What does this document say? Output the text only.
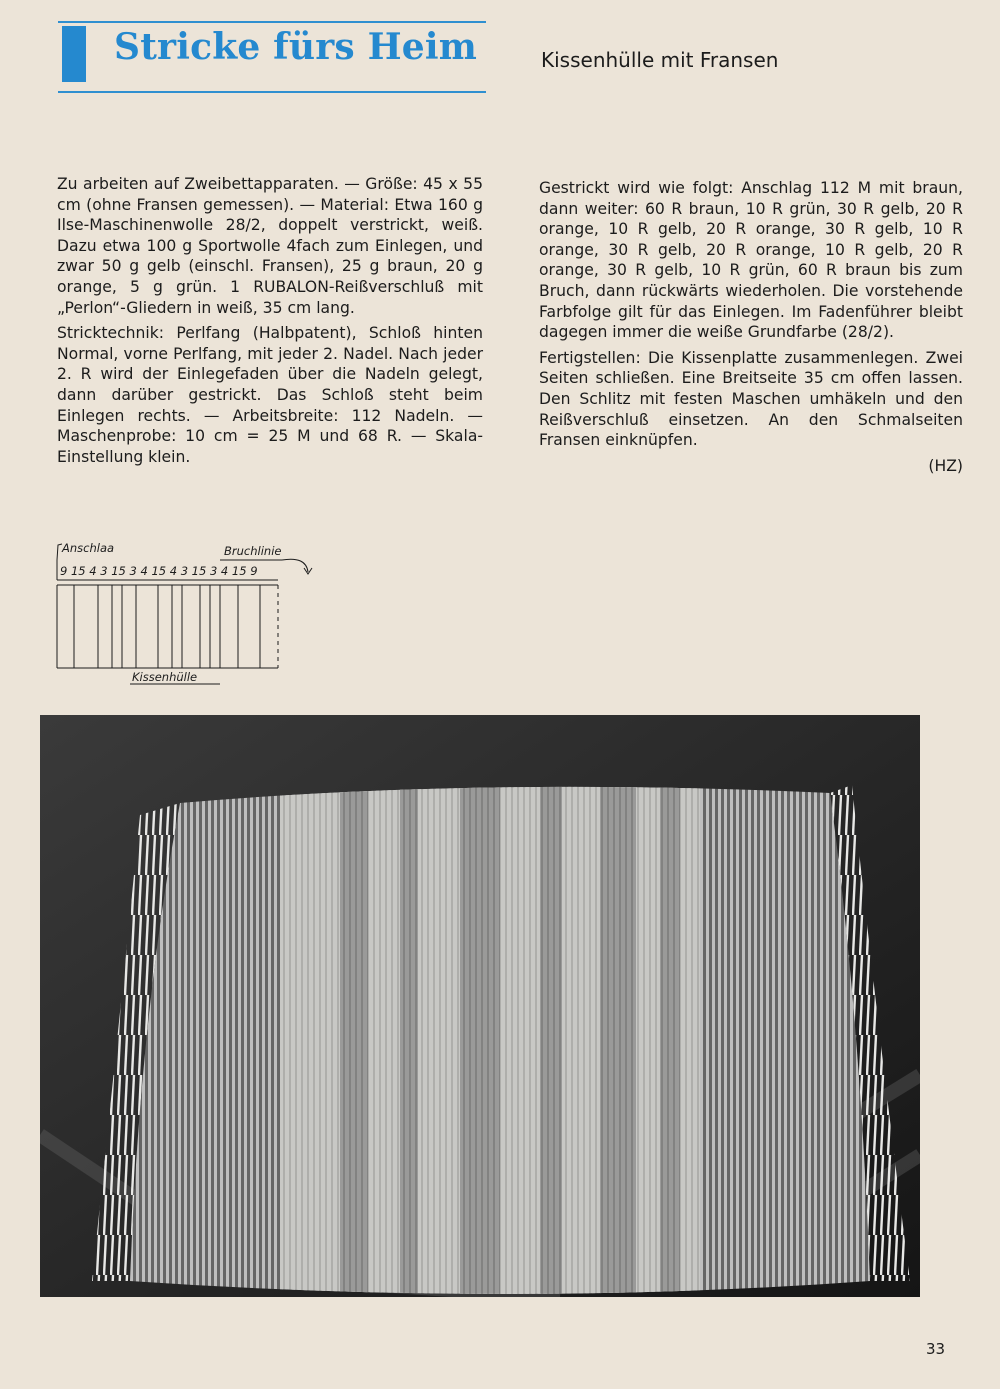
Stricke fürs Heim	Kissenhülle mit Fransen

Zu arbeiten auf Zweibettapparaten. — Größe: 45 x 55 cm (ohne Fransen gemessen). — Material: Etwa 160 g Ilse-Maschinenwolle 28/2, doppelt verstrickt, weiß. Dazu etwa 100 g Sportwolle 4fach zum Einlegen, und zwar 50 g gelb (einschl. Fransen), 25 g braun, 20 g orange, 5 g grün. 1 RUBALON-Reißverschluß mit „Perlon“-Gliedern in weiß, 35 cm lang.

Stricktechnik: Perlfang (Halbpatent), Schloß hinten Normal, vorne Perlfang, mit jeder 2. Nadel. Nach jeder 2. R wird der Einlegefaden über die Nadeln gelegt, dann darüber gestrickt. Das Schloß steht beim Einlegen rechts. — Arbeitsbreite: 112 Nadeln. — Maschenprobe: 10 cm = 25 M und 68 R. — Skala-Einstellung klein.

Gestrickt wird wie folgt: Anschlag 112 M mit braun, dann weiter: 60 R braun, 10 R grün, 30 R gelb, 20 R orange, 10 R gelb, 20 R orange, 30 R gelb, 10 R orange, 30 R gelb, 20 R orange, 10 R gelb, 20 R orange, 30 R gelb, 10 R grün, 60 R braun bis zum Bruch, dann rückwärts wiederholen. Die vorstehende Farbfolge gilt für das Einlegen. Im Fadenführer bleibt dagegen immer die weiße Grundfarbe (28/2).

Fertigstellen: Die Kissenplatte zusammenlegen. Zwei Seiten schließen. Eine Breitseite 35 cm offen lassen. Den Schlitz mit festen Maschen umhäkeln und den Reißverschluß einsetzen. An den Schmalseiten Fransen einknüpfen.

(HZ)
Anschlaa	Bruchlinie
9 15 4 3 15 3 4 15 4 3 15 3 4 15 9
Kissenhülle
33
